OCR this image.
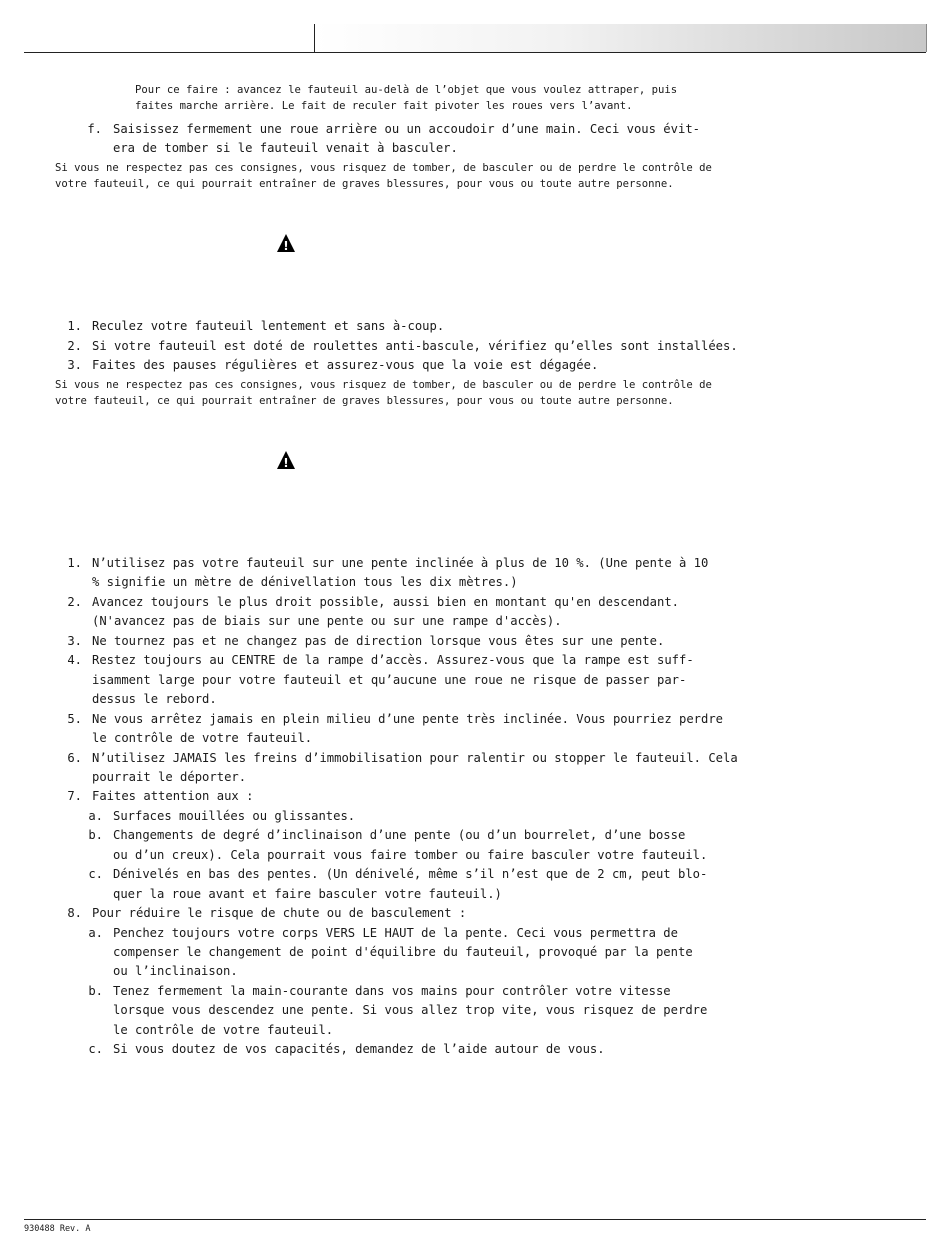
Pour ce faire : avancez le fauteuil au-delà de l’objet que vous voulez attraper, puis
faites marche arrière. Le fait de reculer fait pivoter les roues vers l’avant.
f. Saisissez fermement une roue arrière ou un accoudoir d’une main. Ceci vous évit-
era de tomber si le fauteuil venait à basculer.
Si vous ne respectez pas ces consignes, vous risquez de tomber, de basculer ou de perdre le contrôle de
votre fauteuil, ce qui pourrait entraîner de graves blessures, pour vous ou toute autre personne.
!
1. Reculez votre fauteuil lentement et sans à-coup.
2. Si votre fauteuil est doté de roulettes anti-bascule, vérifiez qu’elles sont installées.
3. Faites des pauses régulières et assurez-vous que la voie est dégagée.
Si vous ne respectez pas ces consignes, vous risquez de tomber, de basculer ou de perdre le contrôle de
votre fauteuil, ce qui pourrait entraîner de graves blessures, pour vous ou toute autre personne.
!
1. N’utilisez pas votre fauteuil sur une pente inclinée à plus de 10 %. (Une pente à 10
% signifie un mètre de dénivellation tous les dix mètres.)
2. Avancez toujours le plus droit possible, aussi bien en montant qu'en descendant.
(N'avancez pas de biais sur une pente ou sur une rampe d'accès).
3. Ne tournez pas et ne changez pas de direction lorsque vous êtes sur une pente.
4. Restez toujours au CENTRE de la rampe d’accès. Assurez-vous que la rampe est suff-
isamment large pour votre fauteuil et qu’aucune une roue ne risque de passer par-
dessus le rebord.
5. Ne vous arrêtez jamais en plein milieu d’une pente très inclinée. Vous pourriez perdre
le contrôle de votre fauteuil.
6. N’utilisez JAMAIS les freins d’immobilisation pour ralentir ou stopper le fauteuil. Cela
pourrait le déporter.
7. Faites attention aux :
a. Surfaces mouillées ou glissantes.
b. Changements de degré d’inclinaison d’une pente (ou d’un bourrelet, d’une bosse
ou d’un creux). Cela pourrait vous faire tomber ou faire basculer votre fauteuil.
c. Dénivelés en bas des pentes. (Un dénivelé, même s’il n’est que de 2 cm, peut blo-
quer la roue avant et faire basculer votre fauteuil.)
8. Pour réduire le risque de chute ou de basculement :
a. Penchez toujours votre corps VERS LE HAUT de la pente. Ceci vous permettra de
compenser le changement de point d'équilibre du fauteuil, provoqué par la pente
ou l’inclinaison.
b. Tenez fermement la main-courante dans vos mains pour contrôler votre vitesse
lorsque vous descendez une pente. Si vous allez trop vite, vous risquez de perdre
le contrôle de votre fauteuil.
c. Si vous doutez de vos capacités, demandez de l’aide autour de vous.
930488 Rev. A
